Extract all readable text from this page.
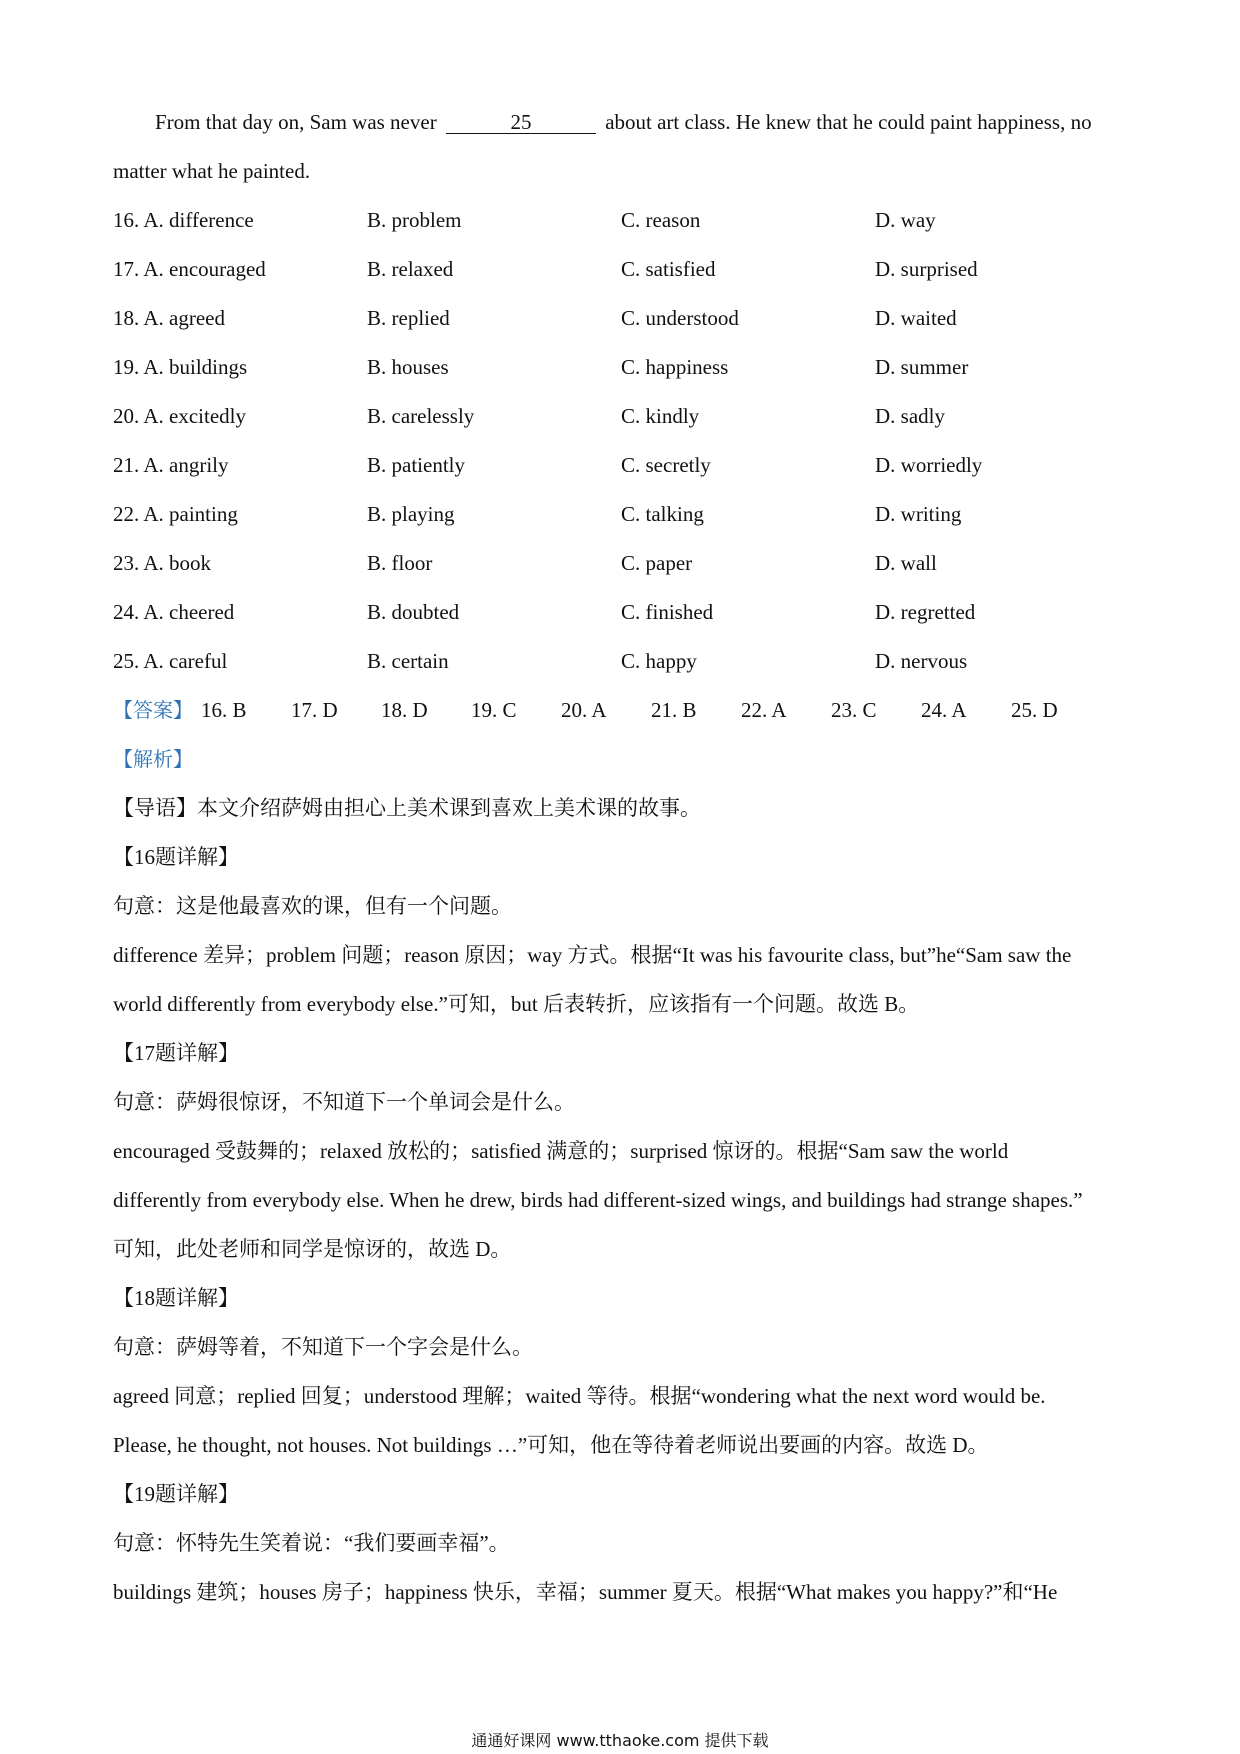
From that day on, Sam was never	25	about art class. He knew that he could paint happiness, no
matter what he painted.
16. A. difference	B. problem	C. reason	D. way
17. A. encouraged	B. relaxed	C. satisfied	D. surprised
18. A. agreed	B. replied	C. understood	D. waited
19. A. buildings	B. houses	C. happiness	D. summer
20. A. excitedly	B. carelessly	C. kindly	D. sadly
21. A. angrily	B. patiently	C. secretly	D. worriedly
22. A. painting	B. playing	C. talking	D. writing
23. A. book	B. floor	C. paper	D. wall
24. A. cheered	B. doubted	C. finished	D. regretted
25. A. careful	B. certain	C. happy	D. nervous
【答案】 16. B	17. D	18. D	19. C	20. A	21. B	22. A	23. C	24. A	25. D
【解析】
【导语】本文介绍萨姆由担心上美术课到喜欢上美术课的故事。
【16题详解】
句意：这是他最喜欢的课，但有一个问题。
difference 差异；problem 问题；reason 原因；way 方式。根据“It was his favourite class, but”he“Sam saw the
world differently from everybody else.”可知，but 后表转折，应该指有一个问题。故选 B。
【17题详解】
句意：萨姆很惊讶，不知道下一个单词会是什么。
encouraged 受鼓舞的；relaxed 放松的；satisfied 满意的；surprised 惊讶的。根据“Sam saw the world
differently from everybody else. When he drew, birds had different-sized wings, and buildings had strange shapes.”
可知，此处老师和同学是惊讶的，故选 D。
【18题详解】
句意：萨姆等着，不知道下一个字会是什么。
agreed 同意；replied 回复；understood 理解；waited 等待。根据“wondering what the next word would be.
Please, he thought, not houses. Not buildings …”可知，他在等待着老师说出要画的内容。故选 D。
【19题详解】
句意：怀特先生笑着说：“我们要画幸福”。
buildings 建筑；houses 房子；happiness 快乐，幸福；summer 夏天。根据“What makes you happy?”和“He
通通好课网 www.tthaoke.com 提供下载
